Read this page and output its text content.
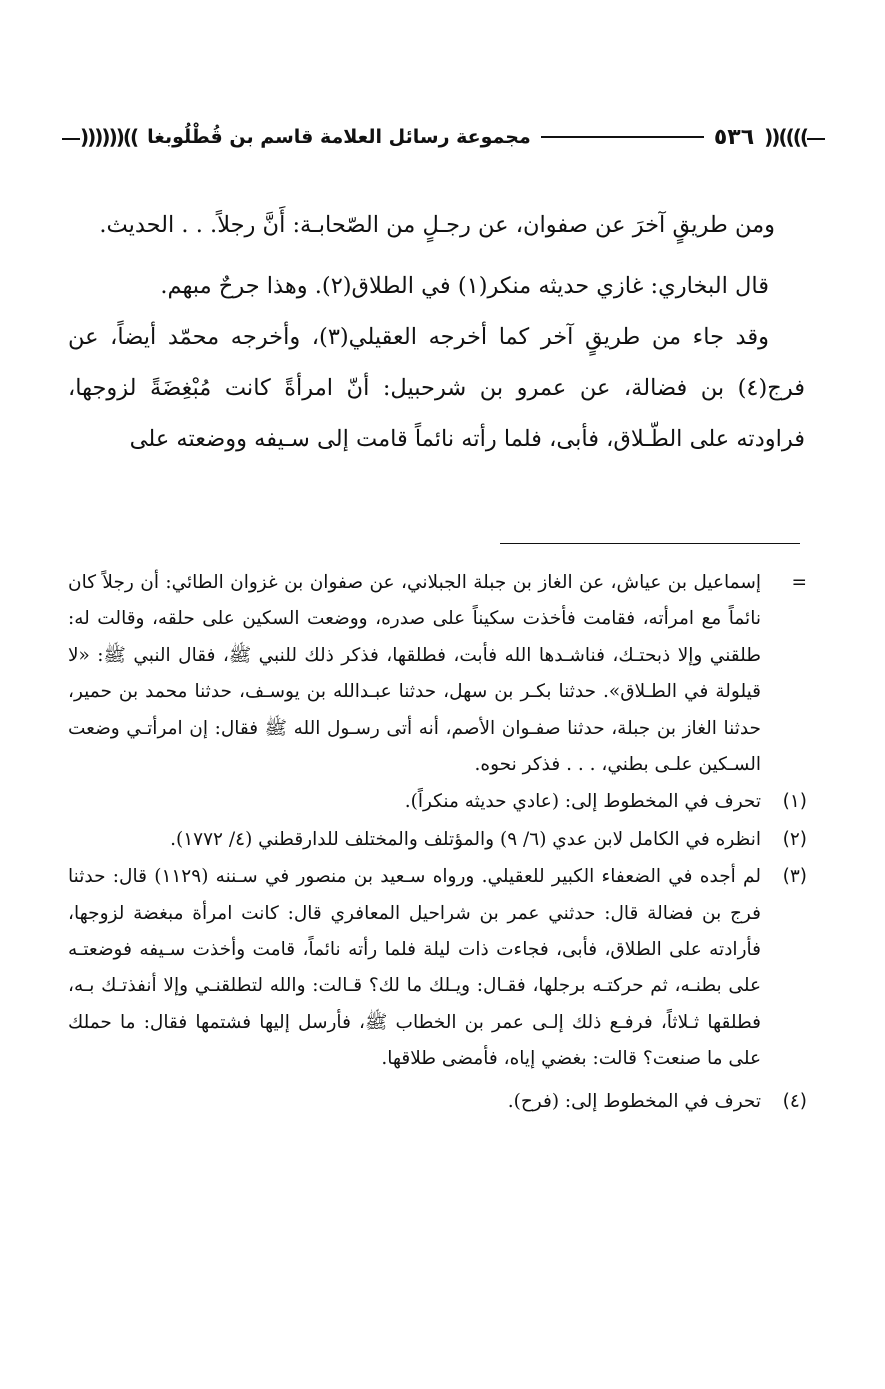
))))((
٥٣٦
مجموعة رسائل العلامة قاسم بن قُطْلُوبغا
))((((((

ومن طريقٍ آخرَ عن صفوان، عن رجـلٍ من الصّحابـة: أَنَّ رجلاً. . . الحديث.

قال البخاري: غازي حديثه منكر(١) في الطلاق(٢). وهذا جرحٌ مبهم.

وقد جاء من طريقٍ آخر كما أخرجه العقيلي(٣)، وأخرجه محمّد أيضاً، عن فرج(٤) بن فضالة، عن عمرو بن شرحبيل: أنّ امرأةً كانت مُبْغِضَةً لزوجها، فراودته على الطّـلاق، فأبى، فلما رأته نائماً قامت إلى سـيفه ووضعته على

=

إسماعيل بن عياش، عن الغاز بن جبلة الجبلاني، عن صفوان بن غزوان الطائي: أن رجلاً كان نائماً مع امرأته، فقامت فأخذت سكيناً على صدره، ووضعت السكين على حلقه، وقالت له: طلقني وإلا ذبحتـك، فناشـدها الله فأبت، فطلقها، فذكر ذلك للنبي ﷺ، فقال النبي ﷺ: «لا قيلولة في الطـلاق». حدثنا بكـر بن سهل، حدثنا عبـدالله بن يوسـف، حدثنا محمد بن حمير، حدثنا الغاز بن جبلة، حدثنا صفـوان الأصم، أنه أتى رسـول الله ﷺ فقال: إن امرأتـي وضعت السـكين علـى بطني، . . . فذكر نحوه.

(١)

تحرف في المخطوط إلى: (عادي حديثه منكراً).

(٢)

انظره في الكامل لابن عدي (٦/ ٩) والمؤتلف والمختلف للدارقطني (٤/ ١٧٧٢).

(٣)

لم أجده في الضعفاء الكبير للعقيلي. ورواه سـعيد بن منصور في سـننه (١١٢٩) قال: حدثنا فرج بن فضالة قال: حدثني عمر بن شراحيل المعافري قال: كانت امرأة مبغضة لزوجها، فأرادته على الطلاق، فأبى، فجاءت ذات ليلة فلما رأته نائماً، قامت وأخذت سـيفه فوضعتـه على بطنـه، ثم حركتـه برجلها، فقـال: ويـلك ما لك؟ قـالت: والله لتطلقنـي وإلا أنفذتـك بـه، فطلقها ثـلاثاً، فرفـع ذلك إلـى عمر بن الخطاب ﷺ، فأرسل إليها فشتمها فقال: ما حملك على ما صنعت؟ قالت: بغضي إياه، فأمضى طلاقها.

(٤)

تحرف في المخطوط إلى: (فرح).
